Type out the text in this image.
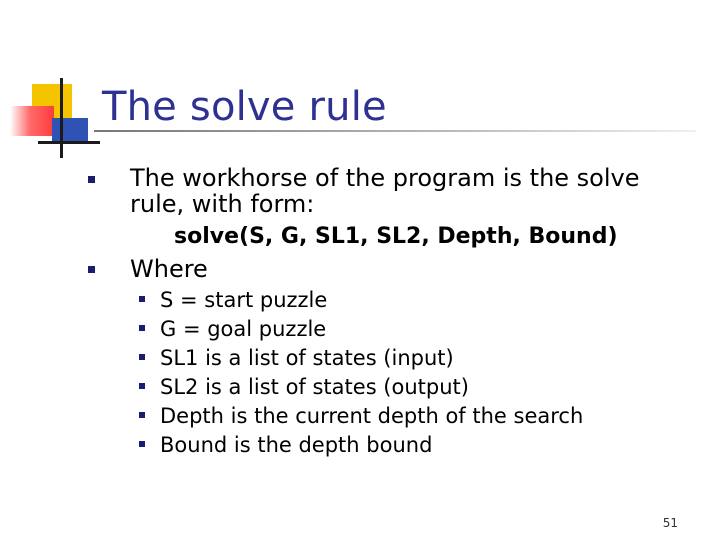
The solve rule
The workhorse of the program is the solve
rule, with form:
solve(S, G, SL1, SL2, Depth, Bound)
Where
S = start puzzle
G = goal puzzle
SL1 is a list of states (input)
SL2 is a list of states (output)
Depth is the current depth of the search
Bound is the depth bound
51
